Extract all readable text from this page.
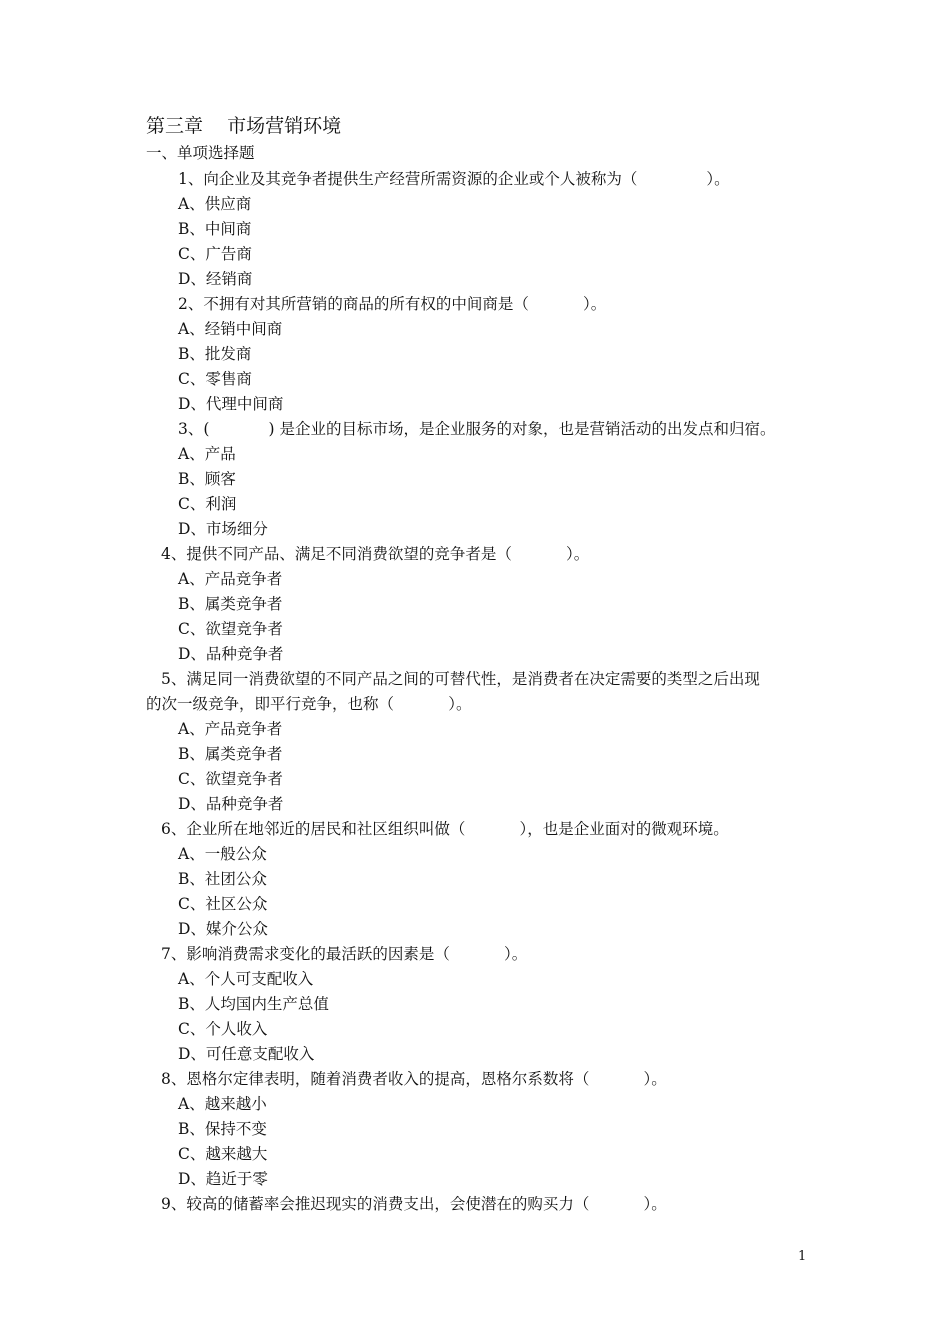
第三章    市场营销环境
一、单项选择题
1、向企业及其竞争者提供生产经营所需资源的企业或个人被称为（              ）。
A、供应商
B、中间商
C、广告商
D、经销商
2、不拥有对其所营销的商品的所有权的中间商是（           ）。
A、经销中间商
B、批发商
C、零售商
D、代理中间商
3、(            ) 是企业的目标市场，是企业服务的对象，也是营销活动的出发点和归宿。
A、产品
B、顾客
C、利润
D、市场细分
4、提供不同产品、满足不同消费欲望的竞争者是（           ）。
A、产品竞争者
B、属类竞争者
C、欲望竞争者
D、品种竞争者
5、满足同一消费欲望的不同产品之间的可替代性，是消费者在决定需要的类型之后出现
的次一级竞争，即平行竞争，也称（           ）。
A、产品竞争者
B、属类竞争者
C、欲望竞争者
D、品种竞争者
6、企业所在地邻近的居民和社区组织叫做（           ），也是企业面对的微观环境。
A、一般公众
B、社团公众
C、社区公众
D、媒介公众
7、影响消费需求变化的最活跃的因素是（           ）。
A、个人可支配收入
B、人均国内生产总值
C、个人收入
D、可任意支配收入
8、恩格尔定律表明，随着消费者收入的提高，恩格尔系数将（           ）。
A、越来越小
B、保持不变
C、越来越大
D、趋近于零
9、较高的储蓄率会推迟现实的消费支出，会使潜在的购买力（           ）。
1
